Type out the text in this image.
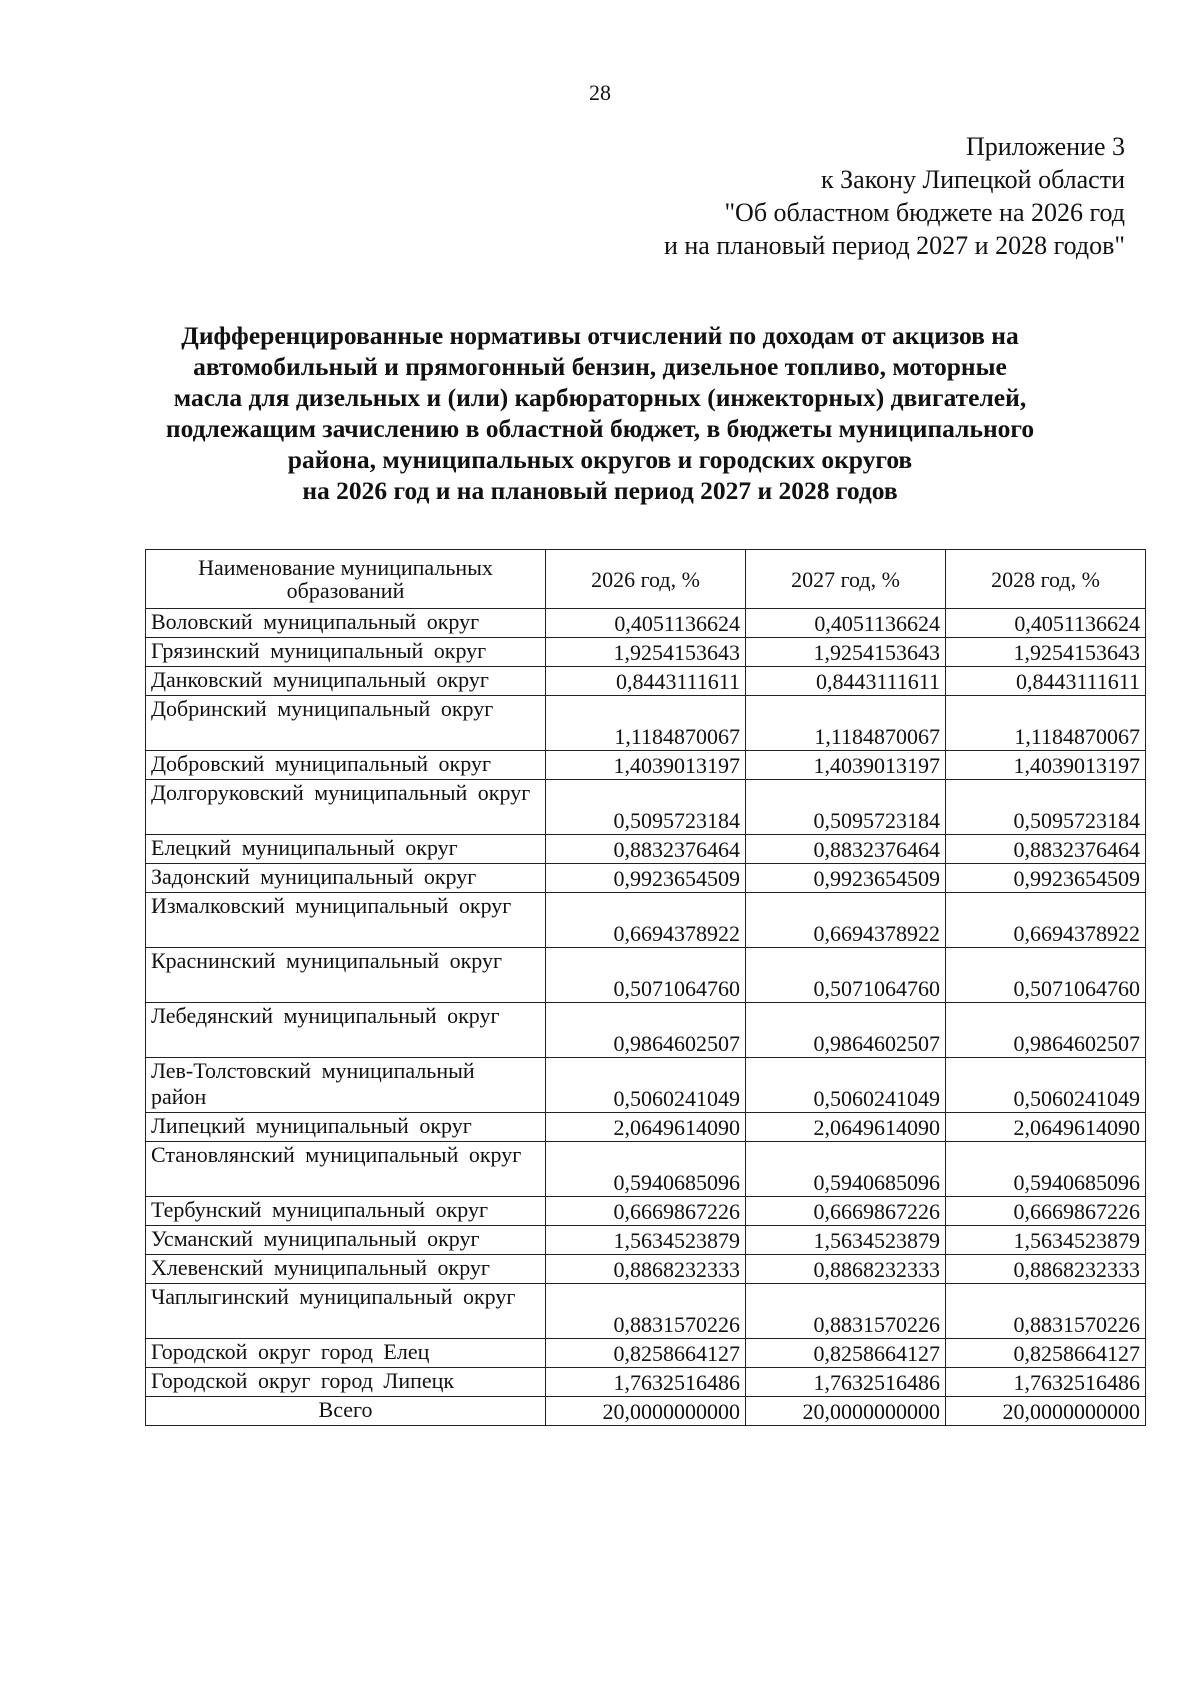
28
Приложение 3
к Закону Липецкой области
"Об областном бюджете на 2026 год
и на плановый период 2027 и 2028 годов"
Дифференцированные нормативы отчислений по доходам от акцизов на
автомобильный и прямогонный бензин, дизельное топливо, моторные
масла для дизельных и (или) карбюраторных (инжекторных) двигателей,
подлежащим зачислению в областной бюджет, в бюджеты муниципального
района, муниципальных округов и городских округов
на 2026 год и на плановый период 2027 и 2028 годов
Наименование муниципальных образований	2026 год, %	2027 год, %	2028 год, %
Воловский муниципальный округ	0,4051136624	0,4051136624	0,4051136624
Грязинский муниципальный округ	1,9254153643	1,9254153643	1,9254153643
Данковский муниципальный округ	0,8443111611	0,8443111611	0,8443111611
Добринский муниципальный округ	1,1184870067	1,1184870067	1,1184870067
Добровский муниципальный округ	1,4039013197	1,4039013197	1,4039013197
Долгоруковский муниципальный округ	0,5095723184	0,5095723184	0,5095723184
Елецкий муниципальный округ	0,8832376464	0,8832376464	0,8832376464
Задонский муниципальный округ	0,9923654509	0,9923654509	0,9923654509
Измалковский муниципальный округ	0,6694378922	0,6694378922	0,6694378922
Краснинский муниципальный округ	0,5071064760	0,5071064760	0,5071064760
Лебедянский муниципальный округ	0,9864602507	0,9864602507	0,9864602507
Лев-Толстовский муниципальный район	0,5060241049	0,5060241049	0,5060241049
Липецкий муниципальный округ	2,0649614090	2,0649614090	2,0649614090
Становлянский муниципальный округ	0,5940685096	0,5940685096	0,5940685096
Тербунский муниципальный округ	0,6669867226	0,6669867226	0,6669867226
Усманский муниципальный округ	1,5634523879	1,5634523879	1,5634523879
Хлевенский муниципальный округ	0,8868232333	0,8868232333	0,8868232333
Чаплыгинский муниципальный округ	0,8831570226	0,8831570226	0,8831570226
Городской округ город Елец	0,8258664127	0,8258664127	0,8258664127
Городской округ город Липецк	1,7632516486	1,7632516486	1,7632516486
Всего	20,0000000000	20,0000000000	20,0000000000
